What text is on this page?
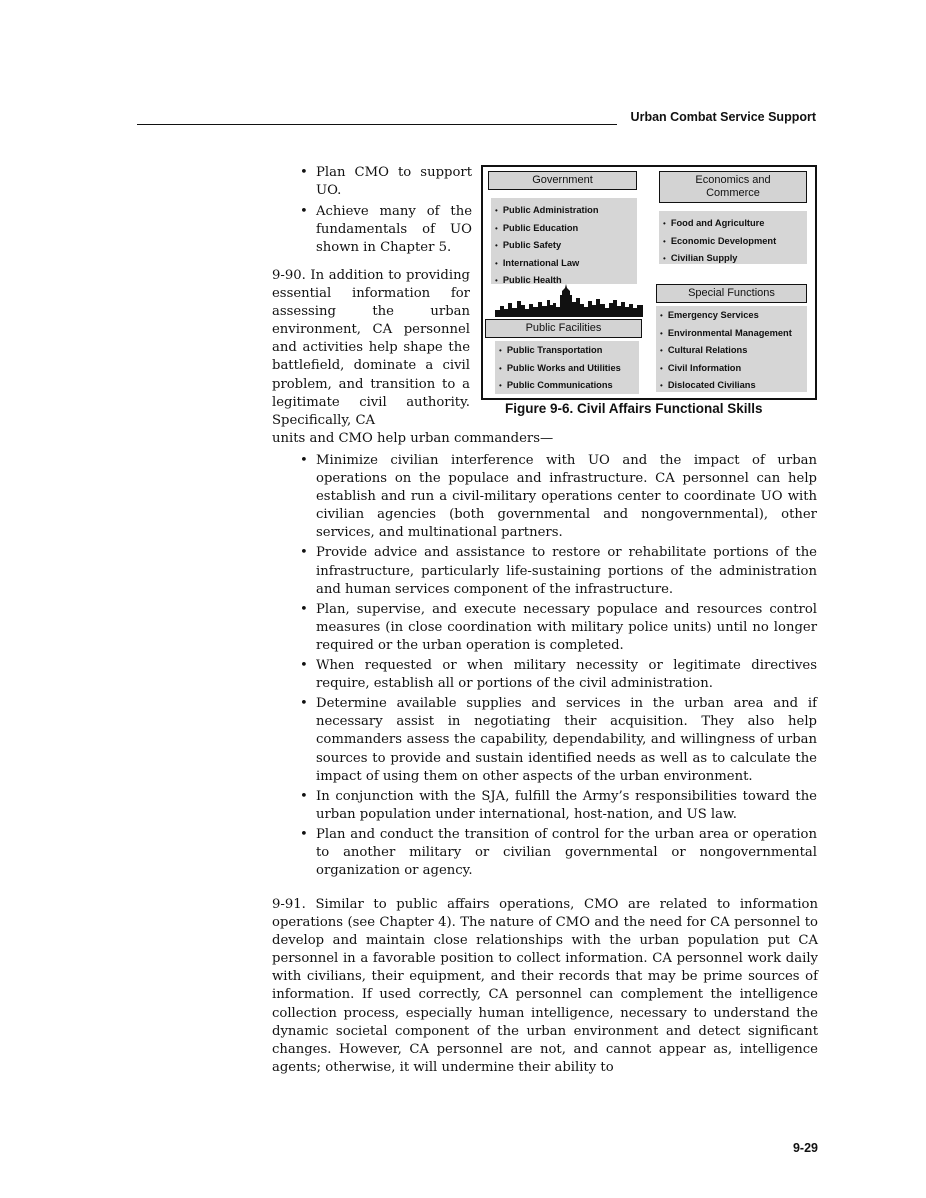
Urban Combat Service Support
• Plan CMO to support UO.
• Achieve many of the fundamentals of UO shown in Chapter 5.
9-90. In addition to providing essential information for assessing the urban environment, CA personnel and activities help shape the battlefield, dominate a civil problem, and transition to a legitimate civil authority. Specifically, CA
units and CMO help urban commanders—
Government
• Public Administration
• Public Education
• Public Safety
• International Law
• Public Health
Economics and Commerce
• Food and Agriculture
• Economic Development
• Civilian Supply
Special Functions
• Emergency Services
• Environmental Management
• Cultural Relations
• Civil Information
• Dislocated Civilians
Public Facilities
• Public Transportation
• Public Works and Utilities
• Public Communications
Figure 9-6. Civil Affairs Functional Skills
• Minimize civilian interference with UO and the impact of urban operations on the populace and infrastructure. CA personnel can help establish and run a civil-military operations center to coordinate UO with civilian agencies (both governmental and nongovernmental), other services, and multinational partners.
• Provide advice and assistance to restore or rehabilitate portions of the infrastructure, particularly life-sustaining portions of the administration and human services component of the infrastructure.
• Plan, supervise, and execute necessary populace and resources control measures (in close coordination with military police units) until no longer required or the urban operation is completed.
• When requested or when military necessity or legitimate directives require, establish all or portions of the civil administration.
• Determine available supplies and services in the urban area and if necessary assist in negotiating their acquisition. They also help commanders assess the capability, dependability, and willingness of urban sources to provide and sustain identified needs as well as to calculate the impact of using them on other aspects of the urban environment.
• In conjunction with the SJA, fulfill the Army’s responsibilities toward the urban population under international, host-nation, and US law.
• Plan and conduct the transition of control for the urban area or operation to another military or civilian governmental or nongovernmental organization or agency.
9-91. Similar to public affairs operations, CMO are related to information operations (see Chapter 4). The nature of CMO and the need for CA personnel to develop and maintain close relationships with the urban population put CA personnel in a favorable position to collect information. CA personnel work daily with civilians, their equipment, and their records that may be prime sources of information. If used correctly, CA personnel can complement the intelligence collection process, especially human intelligence, necessary to understand the dynamic societal component of the urban environment and detect significant changes. However, CA personnel are not, and cannot appear as, intelligence agents; otherwise, it will undermine their ability to
9-29
